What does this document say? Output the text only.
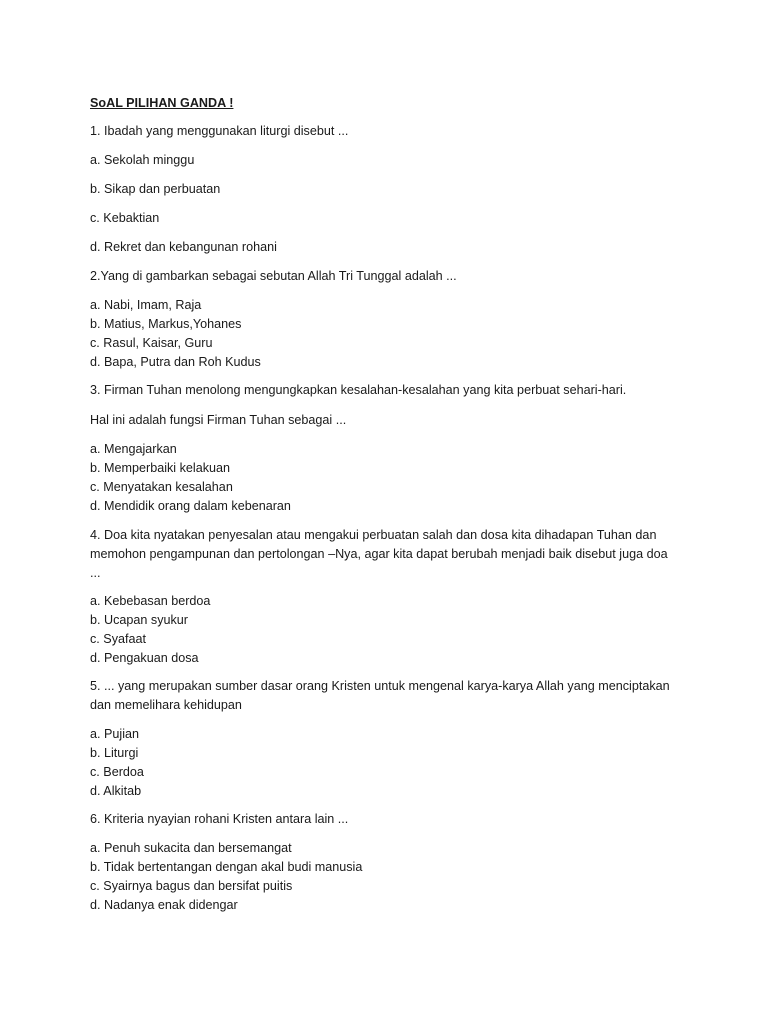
SoAL PILIHAN GANDA !
1. Ibadah yang menggunakan liturgi disebut ...
a. Sekolah minggu
b. Sikap dan perbuatan
c. Kebaktian
d. Rekret dan kebangunan rohani
2.Yang di gambarkan sebagai sebutan Allah Tri Tunggal adalah ...
a. Nabi, Imam, Raja
b. Matius, Markus,Yohanes
c. Rasul, Kaisar, Guru
d. Bapa, Putra dan Roh Kudus
3. Firman Tuhan menolong mengungkapkan kesalahan-kesalahan yang kita perbuat sehari-hari.
Hal ini adalah fungsi Firman Tuhan sebagai ...
a. Mengajarkan
b. Memperbaiki kelakuan
c. Menyatakan kesalahan
d. Mendidik orang dalam kebenaran
4. Doa kita nyatakan penyesalan atau mengakui perbuatan salah dan dosa kita dihadapan Tuhan dan memohon pengampunan dan pertolongan –Nya, agar kita dapat berubah menjadi baik disebut juga doa ...
a. Kebebasan berdoa
b. Ucapan syukur
c. Syafaat
d. Pengakuan dosa
5. ... yang merupakan sumber dasar orang Kristen untuk mengenal karya-karya Allah yang menciptakan dan memelihara kehidupan
a. Pujian
b. Liturgi
c. Berdoa
d. Alkitab
6. Kriteria nyayian rohani Kristen antara lain ...
a. Penuh sukacita dan bersemangat
b. Tidak bertentangan dengan akal budi manusia
c. Syairnya bagus dan bersifat puitis
d. Nadanya enak didengar
